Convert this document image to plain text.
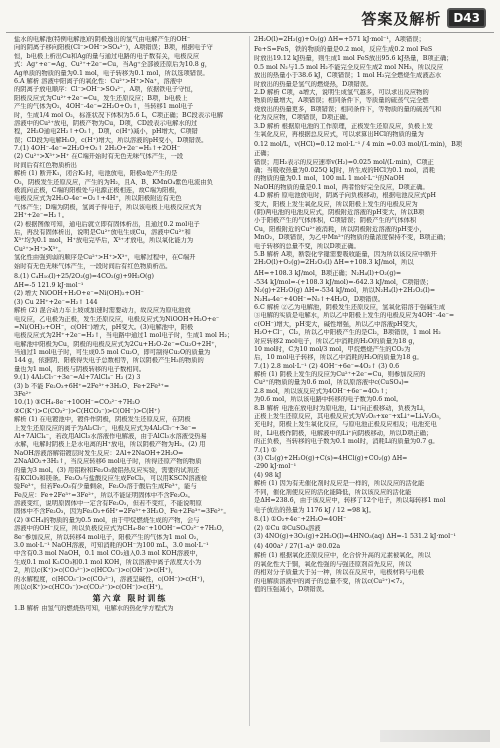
答案及解析	D43
盐水的电解池(特例电解池)的阴极逸出的氢气由电解产生的OH⁻
向的阴离子移向阳极(Cl⁻>OH⁻>SO₄²⁻)，A项错误；B项，根据电子守
恒，b电极上析出Cu和Ag的量与通过电路的电子数有关，电极反应
式：Ag⁺+e⁻=Ag、Cu²⁺+2e⁻=Cu，当Ag⁺全部被还原后为10.8 g，
Ag单质的物质的量为0.1 mol，电子转移为0.1 mol，所以选项错误。
6.A 解析 溶液中阳离子的氧化性：Cu²⁺>H⁺>Na⁺，溶液中
的阴离子放电顺序：Cl⁻>OH⁻>SO₄²⁻，A项，依据铁电子守恒，
阳极反应式为Cu²⁺+2e⁻=Cu，发生还原反应；B项，b电极上
产生的气体为O₂，4OH⁻-4e⁻=2H₂O+O₂↑，当转移1 mol电子
时，生成1/4 mol O₂，标准状况下体积为5.6 L，C项正确；BC段表示电解
溶液中的Cu²⁺放电，阴极产物为Cu，D项，CD段表示电解水的过
程，2H₂O通电2H₂↑+O₂↑，D项，c(H⁺)减小，pH增大，C项错
误；CD段为电解H₂O，c(H⁺)增大，所以溶液的pH变小，D项错误。
7.(1) 4OH⁻-4e⁻=2H₂O+O₂↑ 2H₂O+2e⁻=H₂↑+2OH⁻
(2) Cu²⁺>X³⁺>H⁺ 在C端开始时有无色无味气体产生，一段
时间后有红色物质析出
解析 (1) 断开K₁，闭合K₂时，电池放电，阳极a处产生的是
O₂，阴极发生还原反应，产生的为H₂，且A、B、KMnO₄紫色电流由负
极流向正极，C端的阳极处与电源正极相连，故C端为阳极，
电极反应式为2H₂O-4e⁻=O₂↑+4H⁺，所以阳极附近有无色
气体产生；D端为阴极，氢离子得电子，所以该电极上电极反应式为
2H⁺+2e⁻=H₂↑。
(2) 根据图像可知，通电后就立即有固体析出，且通过0.2 mol电子
后，再没有固体析出，说明是Cu²⁺放电生成Cu，溶液中Cu²⁺和
X³⁺均为0.1 mol，H⁺放电完毕后，X³⁺才放电，所以氧化能力为
Cu²⁺>H⁺>X³⁺。
氢化性由强到弱的顺序是Cu²⁺>H⁺>X³⁺，电解过程中，在C端开
始时有无色无味气体产生，一段时间后有红色物质析出。
8.(1) C₄H₁₀(l)+25/2O₂(g)=4CO₂(g)+9H₂O(g)
ΔH=-5 121.9 kJ·mol⁻¹
(2) 增大 NiOOH+H₂O+e⁻=Ni(OH)₂+OH⁻
(3) Cu 2H⁺+2e⁻=H₂↑ 144
解析 (2) 混合动力车上坡或加速时需要动力，故反应为原电池放
电反应，乙电极为正极，发生还原反应，电极反应式为NiOOH+H₂O+e⁻
=Ni(OH)₂+OH⁻，c(OH⁻)增大，pH变大。(3)电解池中，阳极
电极反应式为2H⁺+2e⁻=H₂↑，当电路中通过1 mol电子时，生成1 mol H₂；
电解池中阳极为Cu，阴极的电极反应式为2Cu+H₂O-2e⁻=Cu₂O+2H⁺，
当通过1 mol电子时，可生成0.5 mol Cu₂O，即可制得Cu₂O的质量为
144 g，依据阴、阳极得失电子总数相等，所以阴极产生H₂的物质的
量也为1 mol，阳极与阴极转移的电子数相同。
9.(1) 4Al₂Cl₇⁻+3e⁻=Al+7AlCl₄⁻ H₂ (2) 3
(3) b 不能 Fe₂O₃+6H⁺=2Fe³⁺+3H₂O、Fe+2Fe³⁺=
3Fe²⁺
10.(1) ③CH₄-8e⁻+10OH⁻=CO₃²⁻+7H₂O
②C(K⁺)>C(CO₃²⁻)>C(HCO₃⁻)>C(OH⁻)>C(H⁺)
解析 (1) 在电镀池中，镀件作阴极，阴极发生还原反应，在阴极
上发生还原反应的离子为Al₂Cl₇⁻，电极反应式为4Al₂Cl₇⁻+3e⁻=
Al+7AlCl₄⁻，若改用AlCl₃水溶液作电解液，由于AlCl₃水溶液受热易
水解，电解时阴极上是水电离的H⁺放电，所以阴极产物为H₂。(2) 用
NaOH溶液溶解铝镀层时发生反应：2Al+2NaOH+2H₂O=
2NaAlO₂+3H₂↑，当反应转移6 mol电子时，所得还原产物的物质
的量为3 mol。(3) 用铝粉和Fe₂O₃做铝热反应实验，需要的试剂还
有KClO₃和镁条。Fe₂O₃与盐酸反应生成FeCl₃，可以用KSCN溶液检
验Fe³⁺，但若Fe₂O₃有少量剩余，Fe₂O₃溶于酸后生成Fe³⁺，能与
Fe反应：Fe+2Fe³⁺=3Fe²⁺，所以不能证明固体中不含Fe₂O₃。
溶液变红，说明原固体中一定含有Fe₂O₃，但若不变红，不能说明原
固体中不含Fe₂O₃，因为Fe₂O₃+6H⁺=2Fe³⁺+3H₂O、Fe+2Fe³⁺=3Fe²⁺。
(2) ③CH₄的物质的量为0.5 mol，由于甲烷燃烧生成的产物，会与
溶液中的OH⁻反应，所以负极反应式为CH₄-8e⁻+10OH⁻=CO₃²⁻+7H₂O，
8e⁻参加反应，所以转移4 mol电子，阳极产生的气体为1 mol O₂，
3.0 mol·L⁻¹ NaOH溶液，可知消耗的OH⁻为100 mL，3.0 mol·L⁻¹
中含有0.3 mol NaOH，0.1 mol CO₂通入0.3 mol KOH溶液中，
生成0.1 mol K₂CO₃和0.1 mol KOH，所以溶液中离子浓度大小为
2，所以c(K⁺)>c(CO₃²⁻)>c(HCO₃⁻)>c(OH⁻)>c(H⁺)，
的水解程度，c(HCO₃⁻)>c(CO₃²⁻)，溶液呈碱性，c(OH⁻)>c(H⁺)，
所以c(K⁺)>c(HCO₃⁻)>c(CO₃²⁻)>c(OH⁻)>c(H⁺)。
第六章 限时训练
1.B 解析 由氢气的燃烧热可知，电解水的热化学方程式为
2H₂O(l)=2H₂(g)+O₂(g) ΔH=+571 kJ·mol⁻¹，A项错误；
Fe+S=FeS，铁的物质的量是0.2 mol，反应生成0.2 mol FeS
时放出19.12 kJ热量，则生成1 mol FeS放出95.6 kJ热量，B项正确；
0.5 mol N₂与1.5 mol H₂不能完全反应生成2 mol NH₃，所以反应
放出的热量小于38.6 kJ，C项错误；1 mol H₂完全燃烧生成液态水
时放出的热量是氢气的燃烧热，D项错误。
2.D 解析 C项，a增大，说明生成氢气越多，可以求出反应物的
物质的量增大，A项错误；相同条件下，等质量的硫蒸气完全燃
烧放出的热量更多，B项错误；相同条件下，等物质的量的硫蒸气和
化为反应物，C项错误，D项正确。
3.D 解析 根据原电池的工作原理，正极发生还原反应，负极上发
生氧化反应，再根据总反应式，可以求算出HCl的物质的量为
0.12 mol/L，v(HCl)=0.12 mol·L⁻¹ / 4 min =0.03 mol/(L·min)，B项
正确；
错误；用H₂表示的反应速率v(H₂)=0.025 mol/(L·min)，C项正
确；当吸收热量为0.025Q kJ时，所生成的HCl为0.1 mol，消耗
的物质的量为0.1 mol，100 mL 1 mol·L⁻¹的NaOH
NaOH的物质的量是0.1 mol，两者恰好完全反应，D项正确。
4.D 解析 原电池放电时，阴离子向负极移动，根据电池反应式pH
变大，阳极上发生氧化反应，所以阳极上发生的电极反应为
(阴)两电池的电池反应式，阴极附近溶液的pH变大，所以B项
小于阳极产生的气体体积，C项错误；阴极产生的气体体积
Cu，阳极附近的Cu²⁺被消耗，所以阴极附近溶液的pH变小，
MnO₂，D项错误，为乙中Mn²⁺的物质的量浓度保持不变，B项正确；
电子转移的总量不变，所以D项正确。
5.B 解析 A项，断裂化学键需要吸收能量，因为所以该反应中断开
2H₂O(l)+O₂(g)=2H₂O₂(l) ΔH=+108.3 kJ/mol，所以
ΔH=+108.3 kJ/mol，B项正确；N₂H₄(l)+O₂(g)=
-534 kJ/mol=-(+108.3 kJ/mol)=-642.3 kJ/mol，C项错误；
N₂(g)+2H₂O(g) ΔH=-534 kJ/mol，所以N₂H₄(l)+2H₂O₂(l)=
N₂H₄-4e⁻+4OH⁻=N₂↑+4H₂O，D项错误。
6.C 解析 ②乙为电解池，阴极发生还原反应，氢氧化铝溶于强碱生成
③电解的实质是电解水，所以乙中阳极上发生的电极反应为4OH⁻-4e⁻=
c(OH⁻)增大，pH变大，碱性增强，所以乙中溶液pH变大，
H₂O+Cl⁻，Cl₂，所以乙中阳极产生的是Cl₂，B项错误，1 mol H₂
对应转移2 mol电子，所以乙中消耗的H₂O的质量为18 g，
10 mol时，C为10 mol/3 mol，甲烷燃烧产生的CO₂为
后，10 mol电子转移，所以乙中消耗的H₂O的质量为18 g。
7.(1) 2.8 mol·L⁻¹ (2) 4OH⁻+6e⁻=4O₂↑ (3) 0.6
解析 (1) 阴极上发生的反应为Cu²⁺+2e⁻=Cu，则参加反应的
Cu²⁺的物质的量为0.6 mol，所以原溶液中c(CuSO₄)=
2.8 mol，所以该反应式为4OH⁻+6e⁻=4O₂↑；
为0.6 mol，所以该电路中转移的电子数为0.6 mol。
8.B 解析 电池在放电时为原电池，Li⁺向正极移动，负极为Li，
正极上发生还原反应，其电极反应式为V₂O₅+xe⁻+xLi⁺=LiₓV₂O₅，
充电时，阳极上发生氧化反应，与原电池正极反应相反；电池充电
时，Li电极作阴极，电解液中的Li⁺向阴极移动，所以D项正确；
的正负极，当转移的电子数为0.1 mol时，消耗Li的质量为0.7 g。
7.(1) ①
(3) Cl₂(g)+2H₂O(g)+C(s)=4HCl(g)+CO₂(g) ΔH=
-290 kJ·mol⁻¹
(4) 98 kJ
解析 (1) 因为有无催化剂时反应是一样的，所以反应的活化能
不同，催化剂使反应的活化能降低，所以该反应的活化能
是ΔH=238.6，由于该反应中，转移了12个电子，所以每转移1 mol
电子放出的热量为 1176 kJ / 12 =98 kJ。
8.(1) ①O₂+4e⁻+2H₂O=4OH⁻
(2) ①Cu ②CuSO₄溶液
(3) 4NO(g)+3O₂(g)+2H₂O(l)=4HNO₃(aq) ΔH=-1 531.2 kJ·mol⁻¹
(4) 400a² / 27(1-a)⁴ ②0.02a
解析 (1) 根据氧化还原反应中，化合价升高的元素被氧化，所以
的氧化性大于铜，氧化性强的与强还原剂首先反应，所以
的相对分子质量大于另一种，所以在反应中，电极材料与电极
的电解质溶液中的离子的总量不变，所以c(Cu²⁺)<7₂，
值的压强减小，D项错误。
